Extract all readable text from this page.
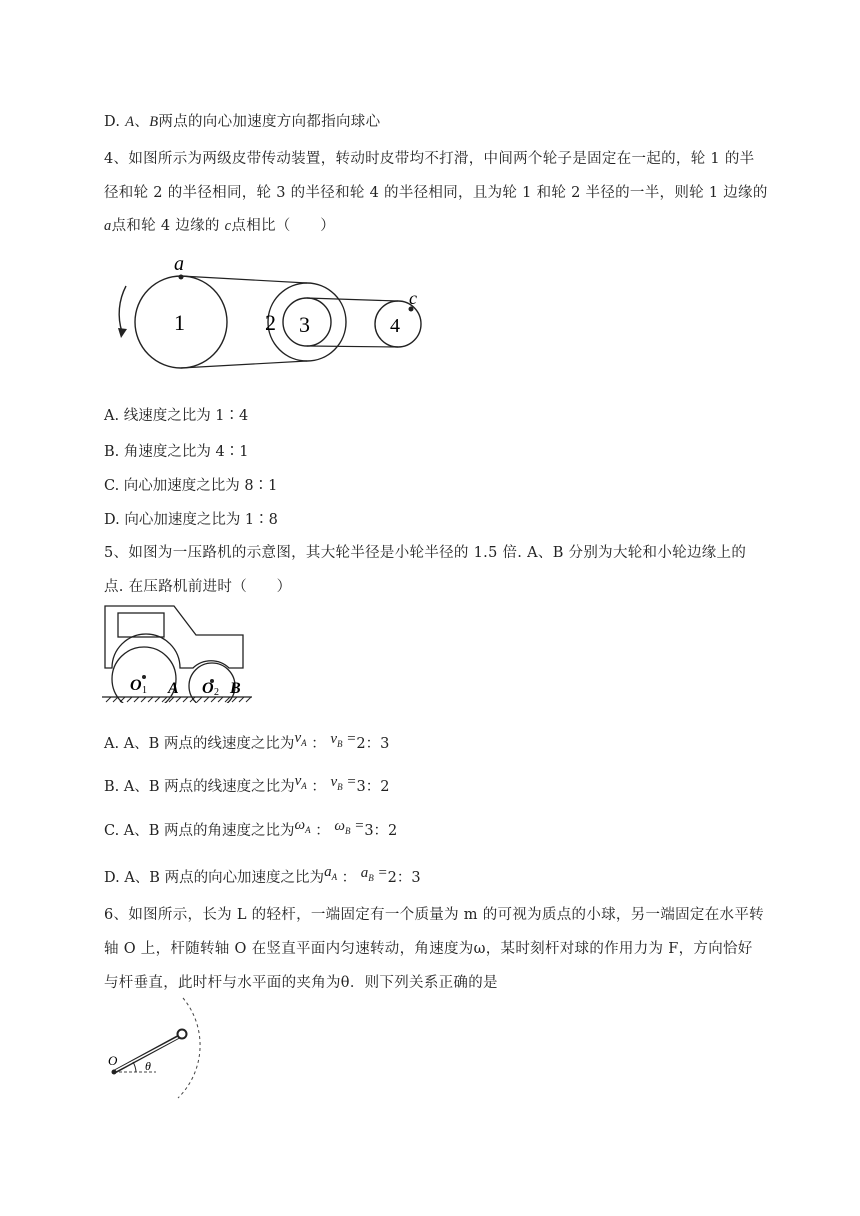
D. A、B两点的向心加速度方向都指向球心
4、如图所示为两级皮带传动装置，转动时皮带均不打滑，中间两个轮子是固定在一起的，轮 1 的半
径和轮 2 的半径相同，轮 3 的半径和轮 4 的半径相同，且为轮 1 和轮 2 半径的一半，则轮 1 边缘的
a点和轮 4 边缘的 c点相比（　　）
a
c
1	2 3	4
A. 线速度之比为 1∶4
B. 角速度之比为 4∶1
C. 向心加速度之比为 8∶1
D. 向心加速度之比为 1∶8
5、如图为一压路机的示意图，其大轮半径是小轮半径的 1.5 倍. A、B 分别为大轮和小轮边缘上的
点. 在压路机前进时（　　）
O 1	O 2
A	B
A. A、B 两点的线速度之比为$v_A$ ： $v_B =2$：3
B. A、B 两点的线速度之比为$v_A$ ： $v_B =3$：2
C. A、B 两点的角速度之比为$\omega_A$ ： $\omega_B =3$：2
D. A、B 两点的向心加速度之比为$a_A$ ： $a_B =2$：3
6、如图所示，长为 L 的轻杆，一端固定有一个质量为 m 的可视为质点的小球，另一端固定在水平转
轴 O 上，杆随转轴 O 在竖直平面内匀速转动，角速度为ω，某时刻杆对球的作用力为 F，方向恰好
与杆垂直，此时杆与水平面的夹角为θ．则下列关系正确的是
O θ
